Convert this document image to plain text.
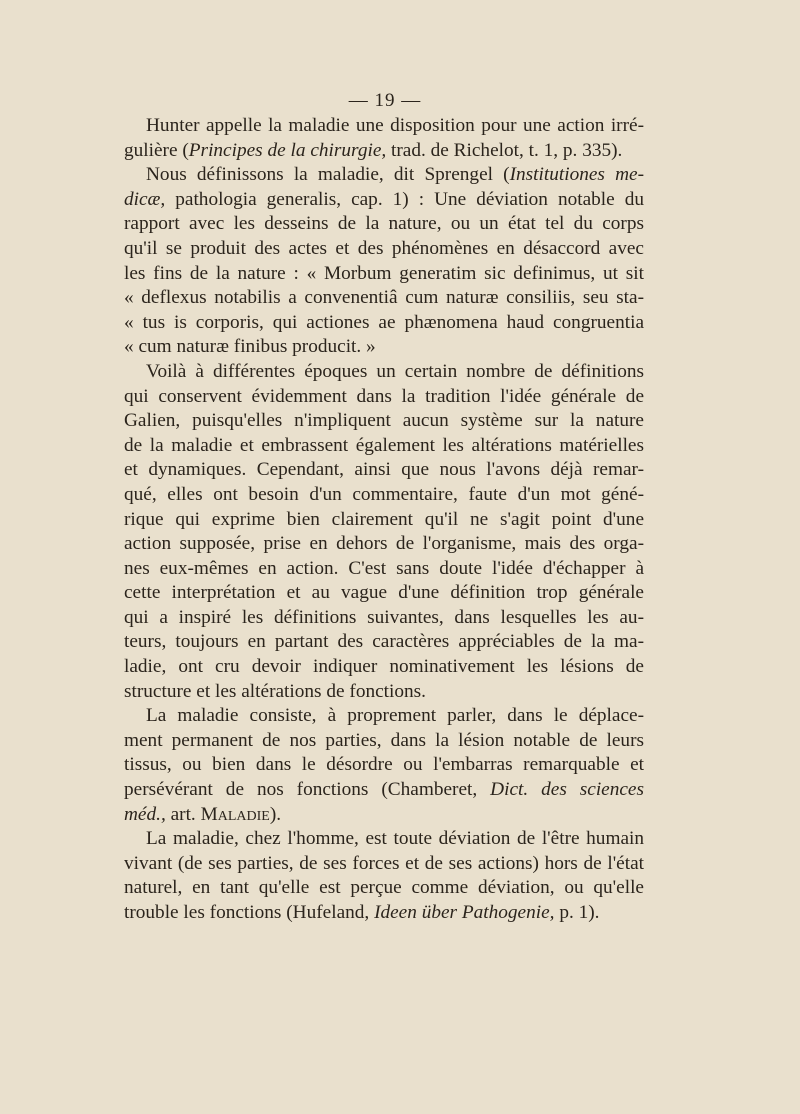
— 19 —
Hunter appelle la maladie une disposition pour une action irré-
gulière (Principes de la chirurgie, trad. de Richelot, t. 1, p. 335).
Nous définissons la maladie, dit Sprengel (Institutiones me-
dicæ, pathologia generalis, cap. 1) : Une déviation notable du
rapport avec les desseins de la nature, ou un état tel du corps
qu'il se produit des actes et des phénomènes en désaccord avec
les fins de la nature : « Morbum generatim sic definimus, ut sit
« deflexus notabilis a convenentiâ cum naturæ consiliis, seu sta-
« tus is corporis, qui actiones ae phænomena haud congruentia
« cum naturæ finibus producit. »
Voilà à différentes époques un certain nombre de définitions
qui conservent évidemment dans la tradition l'idée générale de
Galien, puisqu'elles n'impliquent aucun système sur la nature
de la maladie et embrassent également les altérations matérielles
et dynamiques. Cependant, ainsi que nous l'avons déjà remar-
qué, elles ont besoin d'un commentaire, faute d'un mot géné-
rique qui exprime bien clairement qu'il ne s'agit point d'une
action supposée, prise en dehors de l'organisme, mais des orga-
nes eux-mêmes en action. C'est sans doute l'idée d'échapper à
cette interprétation et au vague d'une définition trop générale
qui a inspiré les définitions suivantes, dans lesquelles les au-
teurs, toujours en partant des caractères appréciables de la ma-
ladie, ont cru devoir indiquer nominativement les lésions de
structure et les altérations de fonctions.
La maladie consiste, à proprement parler, dans le déplace-
ment permanent de nos parties, dans la lésion notable de leurs
tissus, ou bien dans le désordre ou l'embarras remarquable et
persévérant de nos fonctions (Chamberet, Dict. des sciences
méd., art. Maladie).
La maladie, chez l'homme, est toute déviation de l'être humain
vivant (de ses parties, de ses forces et de ses actions) hors de l'état
naturel, en tant qu'elle est perçue comme déviation, ou qu'elle
trouble les fonctions (Hufeland, Ideen über Pathogenie, p. 1).
